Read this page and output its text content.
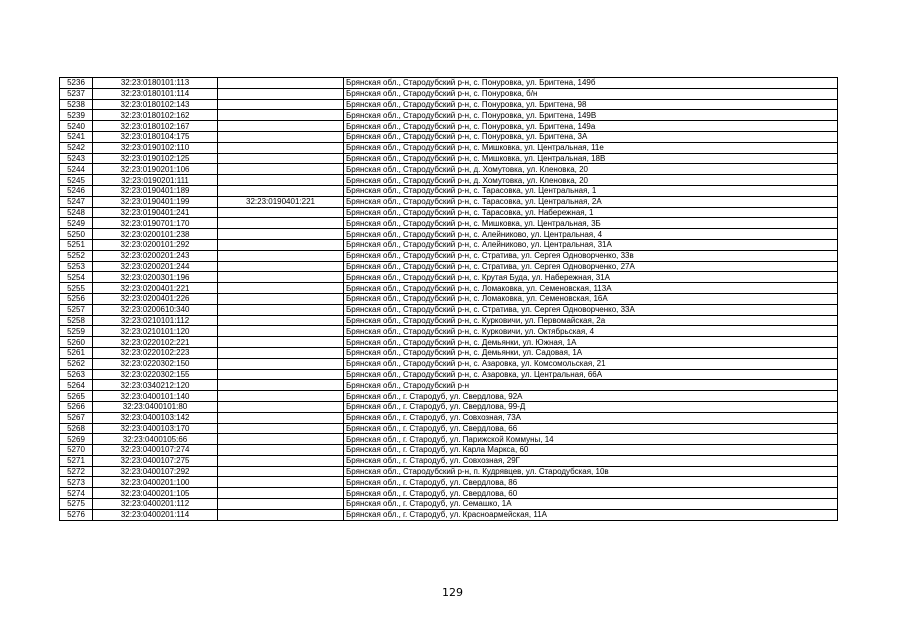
5236	32:23:0180101:113		Брянская обл., Стародубский р-н, с. Понуровка, ул. Бригтена, 149б
5237	32:23:0180101:114		Брянская обл., Стародубский р-н, с. Понуровка, б/н
5238	32:23:0180102:143		Брянская обл., Стародубский р-н, с. Понуровка, ул. Бригтена, 98
5239	32:23:0180102:162		Брянская обл., Стародубский р-н, с. Понуровка, ул. Бригтена, 149В
5240	32:23:0180102:167		Брянская обл., Стародубский р-н, с. Понуровка, ул. Бригтена, 149а
5241	32:23:0180104:175		Брянская обл., Стародубский р-н, с. Понуровка, ул. Бригтена, 3А
5242	32:23:0190102:110		Брянская обл., Стародубский р-н, с. Мишковка, ул. Центральная, 11е
5243	32:23:0190102:125		Брянская обл., Стародубский р-н, с. Мишковка, ул. Центральная, 18В
5244	32:23:0190201:106		Брянская обл., Стародубский р-н, д. Хомутовка, ул. Кленовка, 20
5245	32:23:0190201:111		Брянская обл., Стародубский р-н, д. Хомутовка, ул. Кленовка, 20
5246	32:23:0190401:189		Брянская обл., Стародубский р-н, с. Тарасовка, ул. Центральная, 1
5247	32:23:0190401:199	32:23:0190401:221	Брянская обл., Стародубский р-н, с. Тарасовка, ул. Центральная, 2А
5248	32:23:0190401:241		Брянская обл., Стародубский р-н, с. Тарасовка, ул. Набережная, 1
5249	32:23:0190701:170		Брянская обл., Стародубский р-н, с. Мишковка, ул. Центральная, 3Б
5250	32:23:0200101:238		Брянская обл., Стародубский р-н, с. Алейниково, ул. Центральная, 4
5251	32:23:0200101:292		Брянская обл., Стародубский р-н, с. Алейниково, ул. Центральная, 31А
5252	32:23:0200201:243		Брянская обл., Стародубский р-н, с. Стратива, ул. Сергея Одноворченко, 33в
5253	32:23:0200201:244		Брянская обл., Стародубский р-н, с. Стратива, ул. Сергея Одноворченко, 27А
5254	32:23:0200301:196		Брянская обл., Стародубский р-н, с. Крутая Буда, ул. Набережная, 31А
5255	32:23:0200401:221		Брянская обл., Стародубский р-н, с. Ломаковка, ул. Семеновская, 113А
5256	32:23:0200401:226		Брянская обл., Стародубский р-н, с. Ломаковка, ул. Семеновская, 16А
5257	32:23:0200610:340		Брянская обл., Стародубский р-н, с. Стратива, ул. Сергея Одноворченко, 33А
5258	32:23:0210101:112		Брянская обл., Стародубский р-н, с. Курковичи, ул. Первомайская, 2а
5259	32:23:0210101:120		Брянская обл., Стародубский р-н, с. Курковичи, ул. Октябрьская, 4
5260	32:23:0220102:221		Брянская обл., Стародубский р-н, с. Демьянки, ул. Южная, 1А
5261	32:23:0220102:223		Брянская обл., Стародубский р-н, с. Демьянки, ул. Садовая, 1А
5262	32:23:0220302:150		Брянская обл., Стародубский р-н, с. Азаровка, ул. Комсомольская, 21
5263	32:23:0220302:155		Брянская обл., Стародубский р-н, с. Азаровка, ул. Центральная, 66А
5264	32:23:0340212:120		Брянская обл., Стародубский р-н
5265	32:23:0400101:140		Брянская обл., г. Стародуб, ул. Свердлова, 92А
5266	32:23:0400101:80		Брянская обл., г. Стародуб, ул. Свердлова, 99-Д
5267	32:23:0400103:142		Брянская обл., г. Стародуб, ул. Совхозная, 73А
5268	32:23:0400103:170		Брянская обл., г. Стародуб, ул. Свердлова, 66
5269	32:23:0400105:66		Брянская обл., г. Стародуб, ул. Парижской Коммуны, 14
5270	32:23:0400107:274		Брянская обл., г. Стародуб, ул. Карла Маркса, 60
5271	32:23:0400107:275		Брянская обл., г. Стародуб, ул. Совхозная, 29Г
5272	32:23:0400107:292		Брянская обл., Стародубский р-н, п. Кудрявцев, ул. Стародубская, 10в
5273	32:23:0400201:100		Брянская обл., г. Стародуб, ул. Свердлова, 86
5274	32:23:0400201:105		Брянская обл., г. Стародуб, ул. Свердлова, 60
5275	32:23:0400201:112		Брянская обл., г. Стародуб, ул. Семашко, 1А
5276	32:23:0400201:114		Брянская обл., г. Стародуб, ул. Красноармейская, 11А
129
